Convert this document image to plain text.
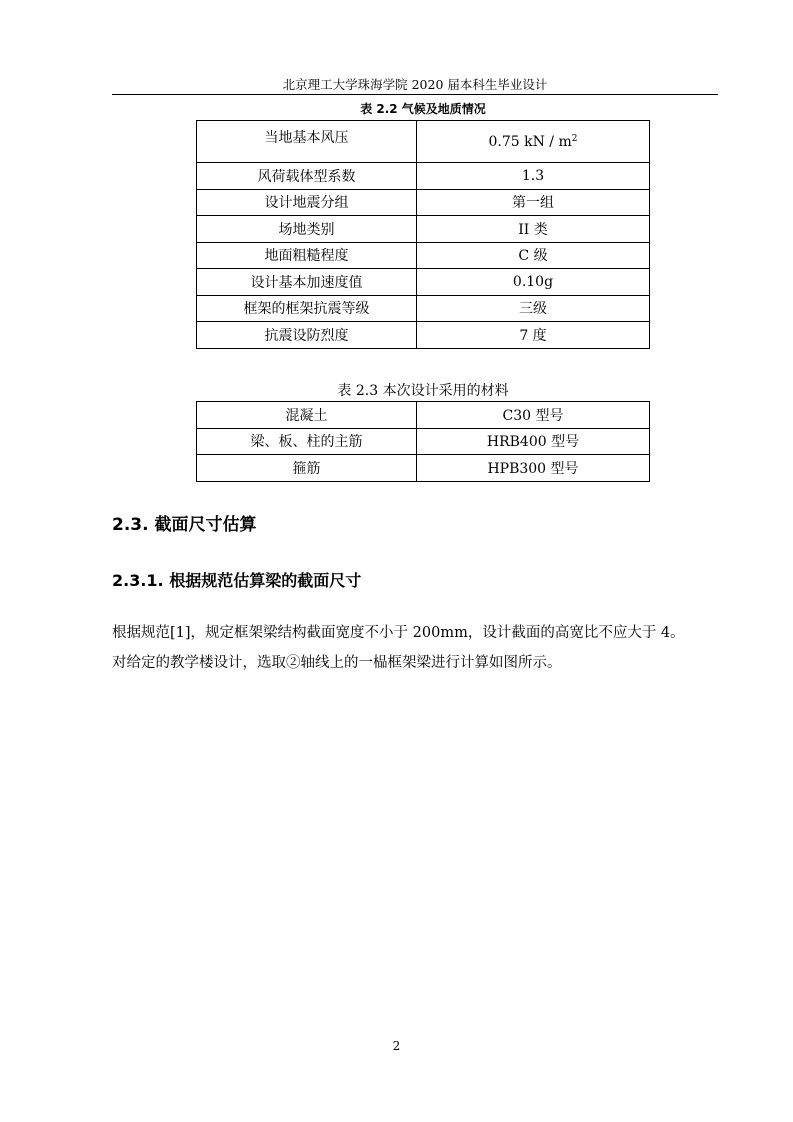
北京理工大学珠海学院 2020 届本科生毕业设计
表 2.2 气候及地质情况
当地基本风压	0.75 kN / $m^2$
风荷载体型系数	1.3
设计地震分组	第一组
场地类别	II 类
地面粗糙程度	C 级
设计基本加速度值	0.10g
框架的框架抗震等级	三级
抗震设防烈度	7 度
表 2.3 本次设计采用的材料
混凝土	C30 型号
梁、板、柱的主筋	HRB400 型号
箍筋	HPB300 型号
2.3. 截面尺寸估算
2.3.1. 根据规范估算梁的截面尺寸

根据规范[1]，规定框架梁结构截面宽度不小于 200mm，设计截面的高宽比不应大于 4。
对给定的教学楼设计，选取②轴线上的一榀框架梁进行计算如图所示。

2
